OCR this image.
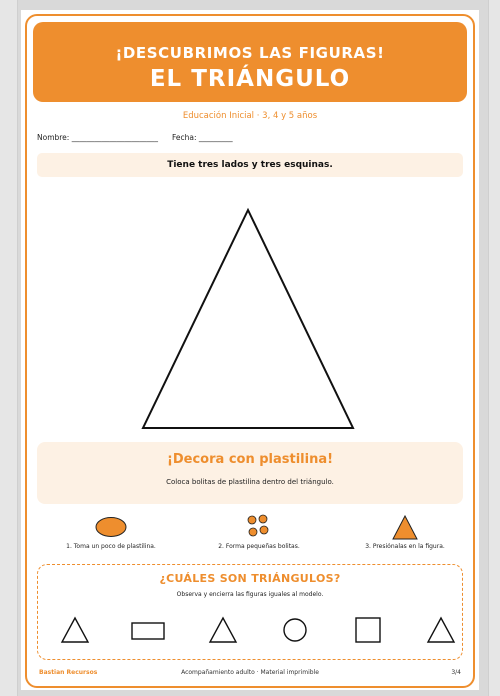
¡DESCUBRIMOS LAS FIGURAS!
EL TRIÁNGULO
Educación Inicial · 3, 4 y 5 años
Nombre: _______________________ Fecha: _________
Tiene tres lados y tres esquinas.
¡Decora con plastilina!
Coloca bolitas de plastilina dentro del triángulo.
1. Toma un poco de plastilina.	2. Forma pequeñas bolitas.	3. Presiónalas en la figura.
¿CUÁLES SON TRIÁNGULOS?
Observa y encierra las figuras iguales al modelo.
Bastian Recursos	Acompañamiento adulto · Material imprimible	3/4
